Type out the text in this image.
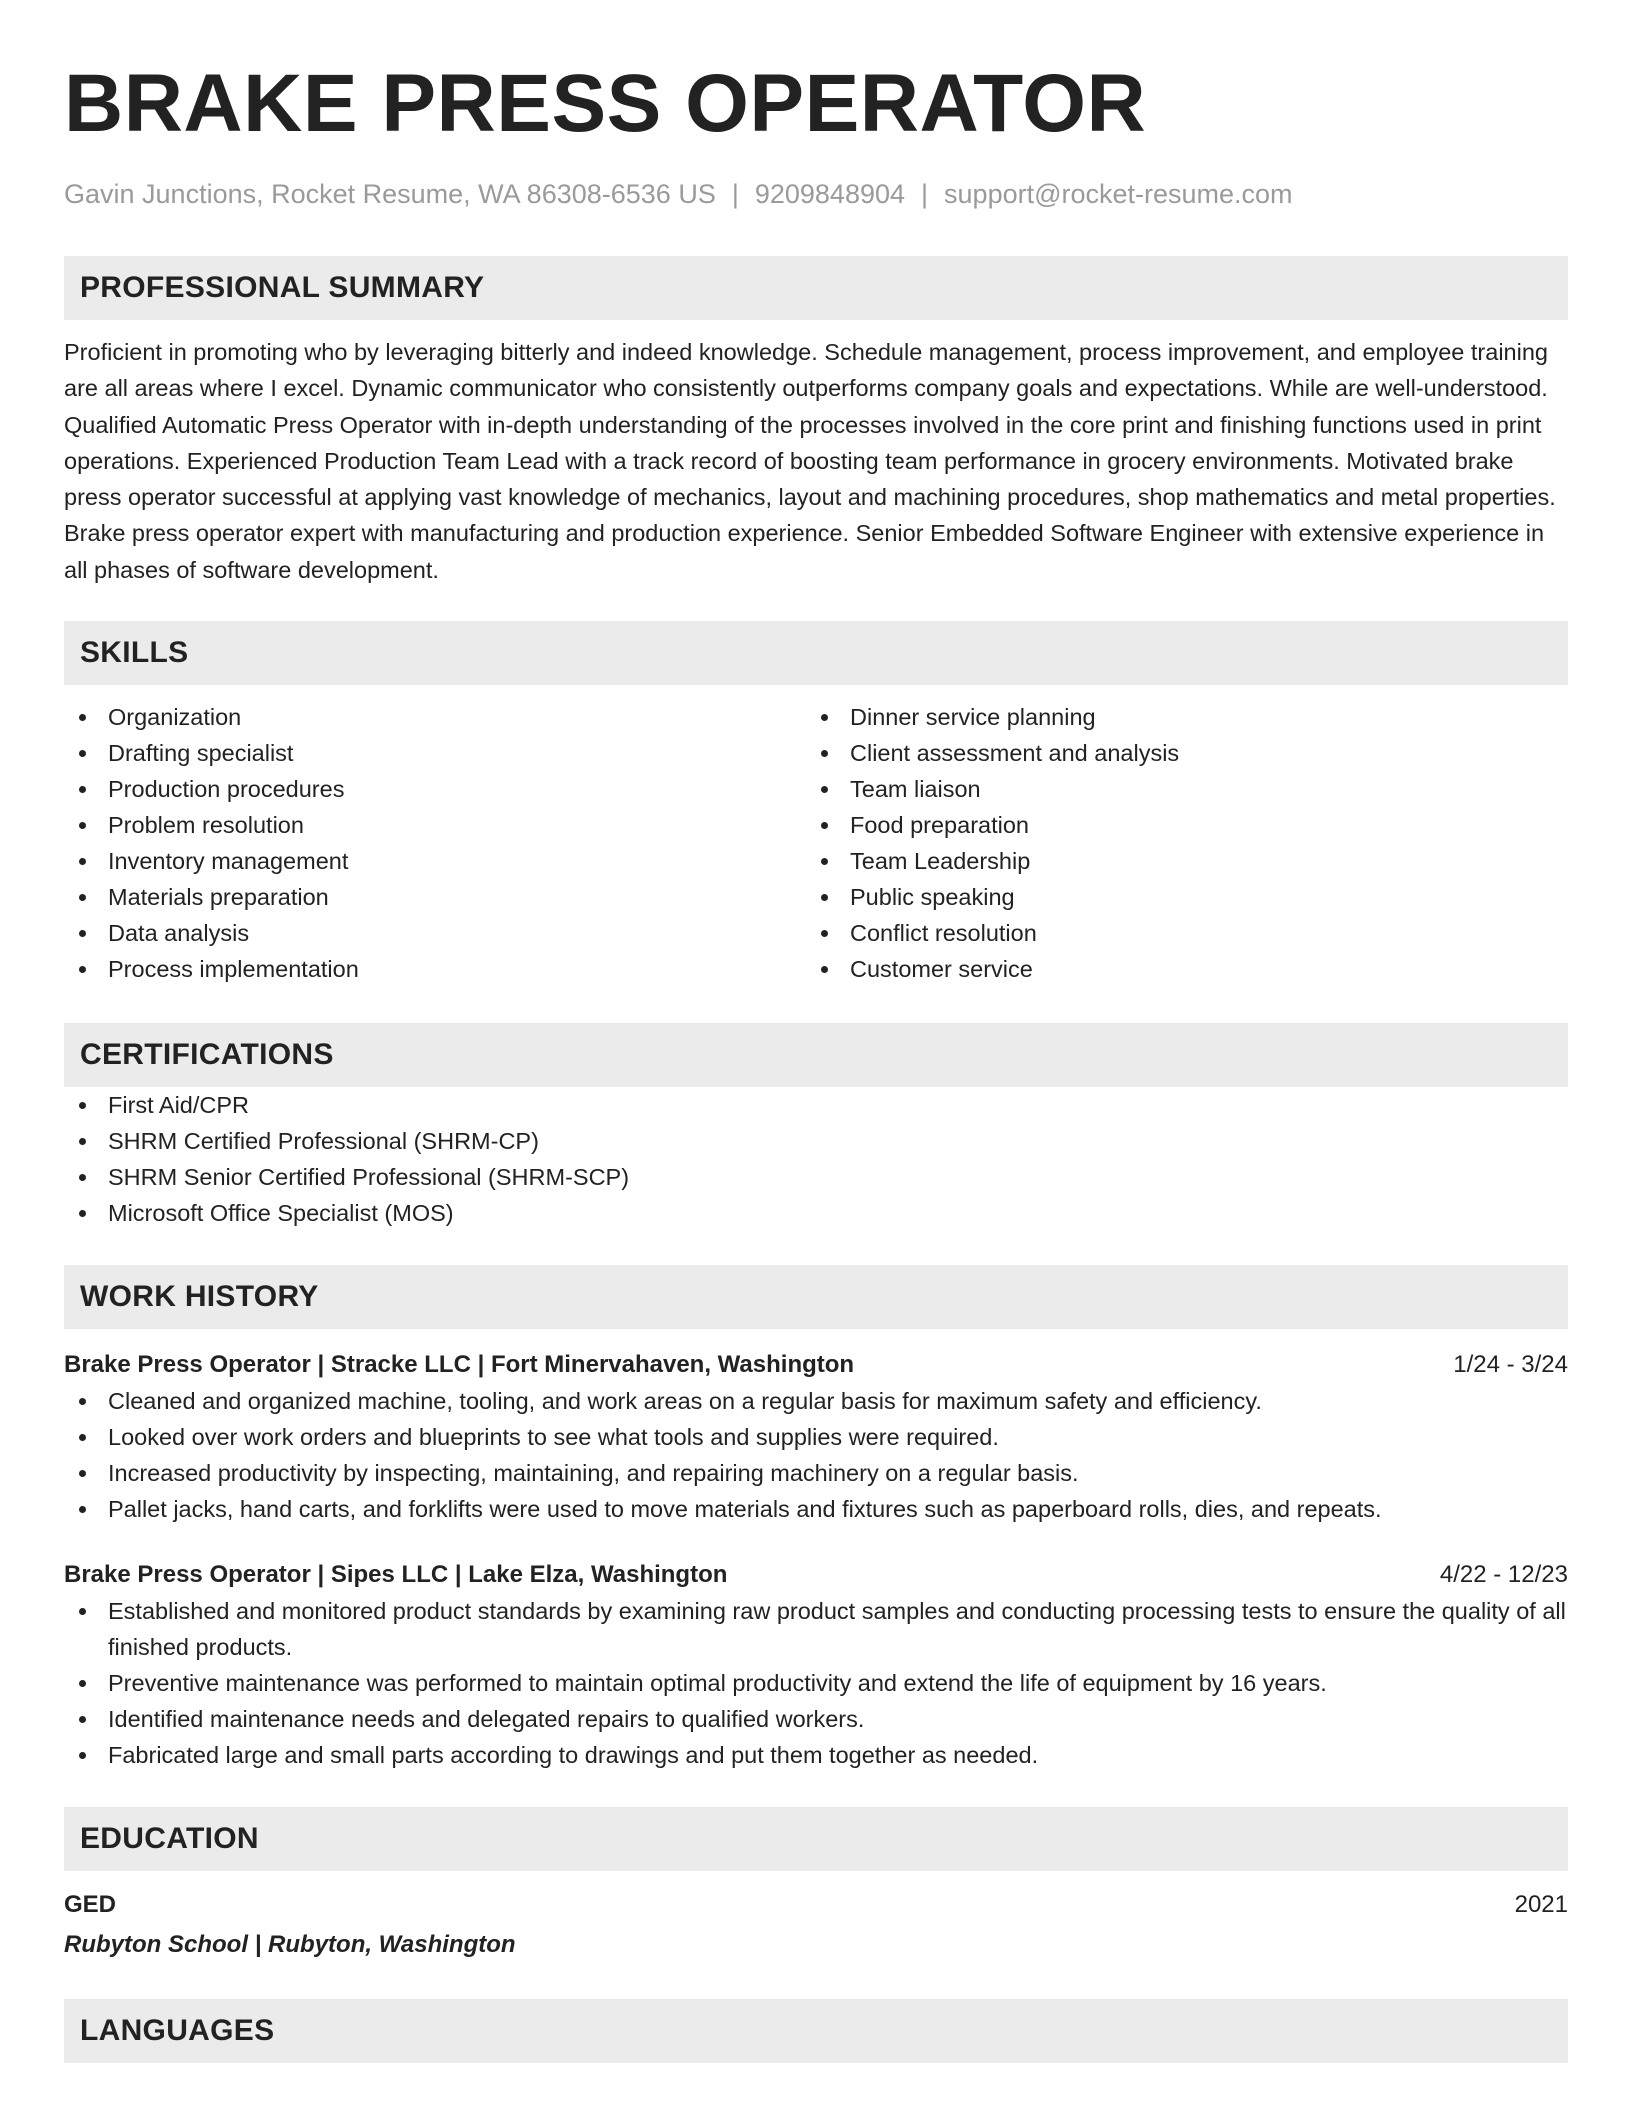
BRAKE PRESS OPERATOR
Gavin Junctions, Rocket Resume, WA 86308-6536 US | 9209848904 | support@rocket-resume.com
PROFESSIONAL SUMMARY
Proficient in promoting who by leveraging bitterly and indeed knowledge. Schedule management, process improvement, and employee training are all areas where I excel. Dynamic communicator who consistently outperforms company goals and expectations. While are well-understood. Qualified Automatic Press Operator with in-depth understanding of the processes involved in the core print and finishing functions used in print operations. Experienced Production Team Lead with a track record of boosting team performance in grocery environments. Motivated brake press operator successful at applying vast knowledge of mechanics, layout and machining procedures, shop mathematics and metal properties. Brake press operator expert with manufacturing and production experience. Senior Embedded Software Engineer with extensive experience in all phases of software development.
SKILLS
Organization
Drafting specialist
Production procedures
Problem resolution
Inventory management
Materials preparation
Data analysis
Process implementation
Dinner service planning
Client assessment and analysis
Team liaison
Food preparation
Team Leadership
Public speaking
Conflict resolution
Customer service
CERTIFICATIONS
First Aid/CPR
SHRM Certified Professional (SHRM-CP)
SHRM Senior Certified Professional (SHRM-SCP)
Microsoft Office Specialist (MOS)
WORK HISTORY
Brake Press Operator | Stracke LLC | Fort Minervahaven, Washington	1/24 - 3/24
Cleaned and organized machine, tooling, and work areas on a regular basis for maximum safety and efficiency.
Looked over work orders and blueprints to see what tools and supplies were required.
Increased productivity by inspecting, maintaining, and repairing machinery on a regular basis.
Pallet jacks, hand carts, and forklifts were used to move materials and fixtures such as paperboard rolls, dies, and repeats.
Brake Press Operator | Sipes LLC | Lake Elza, Washington	4/22 - 12/23
Established and monitored product standards by examining raw product samples and conducting processing tests to ensure the quality of all finished products.
Preventive maintenance was performed to maintain optimal productivity and extend the life of equipment by 16 years.
Identified maintenance needs and delegated repairs to qualified workers.
Fabricated large and small parts according to drawings and put them together as needed.
EDUCATION
GED	2021
Rubyton School | Rubyton, Washington
LANGUAGES
